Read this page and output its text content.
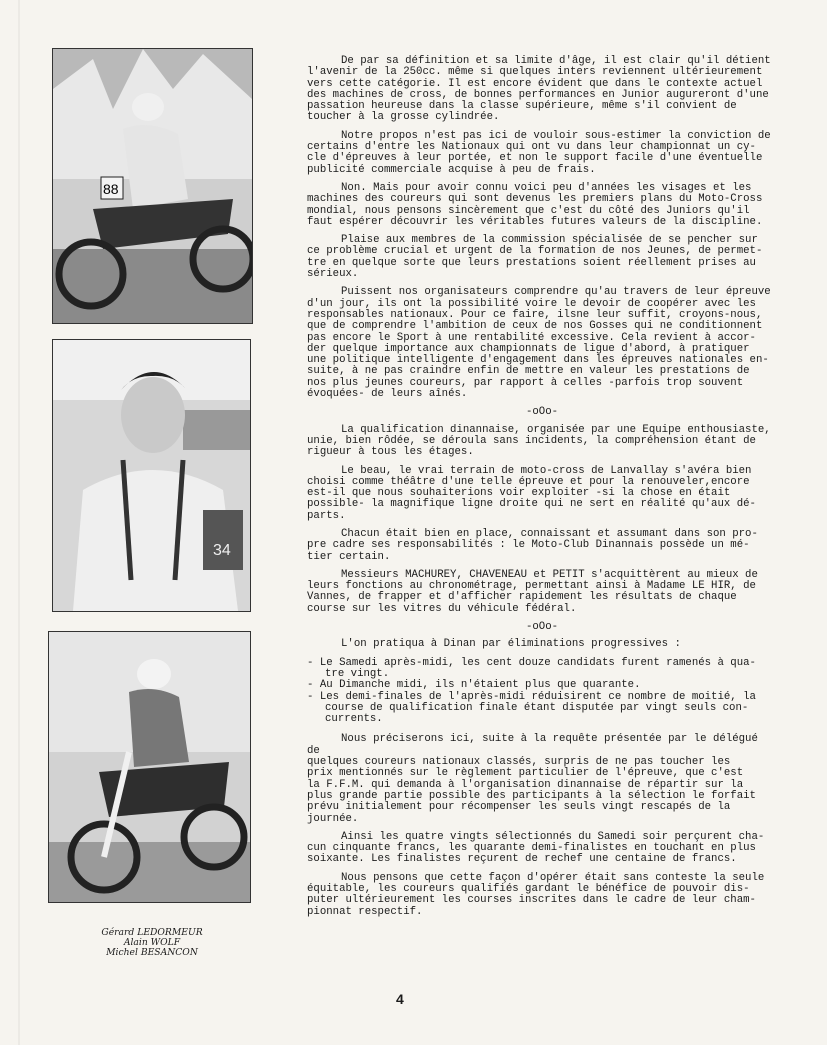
88
34
Gérard LEDORMEUR
Alain WOLF
Michel BESANCON

De par sa définition et sa limite d'âge, il est clair qu'il détient
l'avenir de la 250cc. même si quelques inters reviennent ultérieurement
vers cette catégorie. Il est encore évident que dans le contexte actuel
des machines de cross, de bonnes performances en Junior augureront d'une
passation heureuse dans la classe supérieure, même s'il convient de
toucher à la grosse cylindrée.

Notre propos n'est pas ici de vouloir sous-estimer la conviction de
certains d'entre les Nationaux qui ont vu dans leur championnat un cy-
cle d'épreuves à leur portée, et non le support facile d'une éventuelle
publicité commerciale acquise à peu de frais.

Non. Mais pour avoir connu voici peu d'années les visages et les
machines des coureurs qui sont devenus les premiers plans du Moto-Cross
mondial, nous pensons sincèrement que c'est du côté des Juniors qu'il
faut espérer découvrir les véritables futures valeurs de la discipline.

Plaise aux membres de la commission spécialisée de se pencher sur
ce problème crucial et urgent de la formation de nos Jeunes, de permet-
tre en quelque sorte que leurs prestations soient réellement prises au
sérieux.

Puissent nos organisateurs comprendre qu'au travers de leur épreuve
d'un jour, ils ont la possibilité voire le devoir de coopérer avec les
responsables nationaux. Pour ce faire, ilsne leur suffit, croyons-nous,
que de comprendre l'ambition de ceux de nos Gosses qui ne conditionnent
pas encore le Sport à une rentabilité excessive. Cela revient à accor-
der quelque importance aux championnats de ligue d'abord, à pratiquer
une politique intelligente d'engagement dans les épreuves nationales en-
suite, à ne pas craindre enfin de mettre en valeur les prestations de
nos plus jeunes coureurs, par rapport à celles -parfois trop souvent
évoquées- de leurs aînés.

-oOo-

La qualification dinannaise, organisée par une Equipe enthousiaste,
unie, bien rôdée, se déroula sans incidents, la compréhension étant de
rigueur à tous les étages.

Le beau, le vrai terrain de moto-cross de Lanvallay s'avéra bien
choisi comme théâtre d'une telle épreuve et pour la renouveler,encore
est-il que nous souhaiterions voir exploiter -si la chose en était
possible- la magnifique ligne droite qui ne sert en réalité qu'aux dé-
parts.

Chacun était bien en place, connaissant et assumant dans son pro-
pre cadre ses responsabilités : le Moto-Club Dinannais possède un mé-
tier certain.

Messieurs MACHUREY, CHAVENEAU et PETIT s'acquittèrent au mieux de
leurs fonctions au chronométrage, permettant ainsi à Madame LE HIR, de
Vannes, de frapper et d'afficher rapidement les résultats de chaque
course sur les vitres du véhicule fédéral.

-oOo-

L'on pratiqua à Dinan par éliminations progressives :

- Le Samedi après-midi, les cent douze candidats furent ramenés à qua-
tre vingt.
- Au Dimanche midi, ils n'étaient plus que quarante.
- Les demi-finales de l'après-midi réduisirent ce nombre de moitié, la
course de qualification finale étant disputée par vingt seuls con-
currents.

Nous préciserons ici, suite à la requête présentée par le délégué de
quelques coureurs nationaux classés, surpris de ne pas toucher les
prix mentionnés sur le règlement particulier de l'épreuve, que c'est
la F.F.M. qui demanda à l'organisation dinannaise de répartir sur la
plus grande partie possible des participants à la sélection le forfait
prévu initialement pour récompenser les seuls vingt rescapés de la
journée.

Ainsi les quatre vingts sélectionnés du Samedi soir perçurent cha-
cun cinquante francs, les quarante demi-finalistes en touchant en plus
soixante. Les finalistes reçurent de rechef une centaine de francs.

Nous pensons que cette façon d'opérer était sans conteste la seule
équitable, les coureurs qualifiés gardant le bénéfice de pouvoir dis-
puter ultérieurement les courses inscrites dans le cadre de leur cham-
pionnat respectif.

4
